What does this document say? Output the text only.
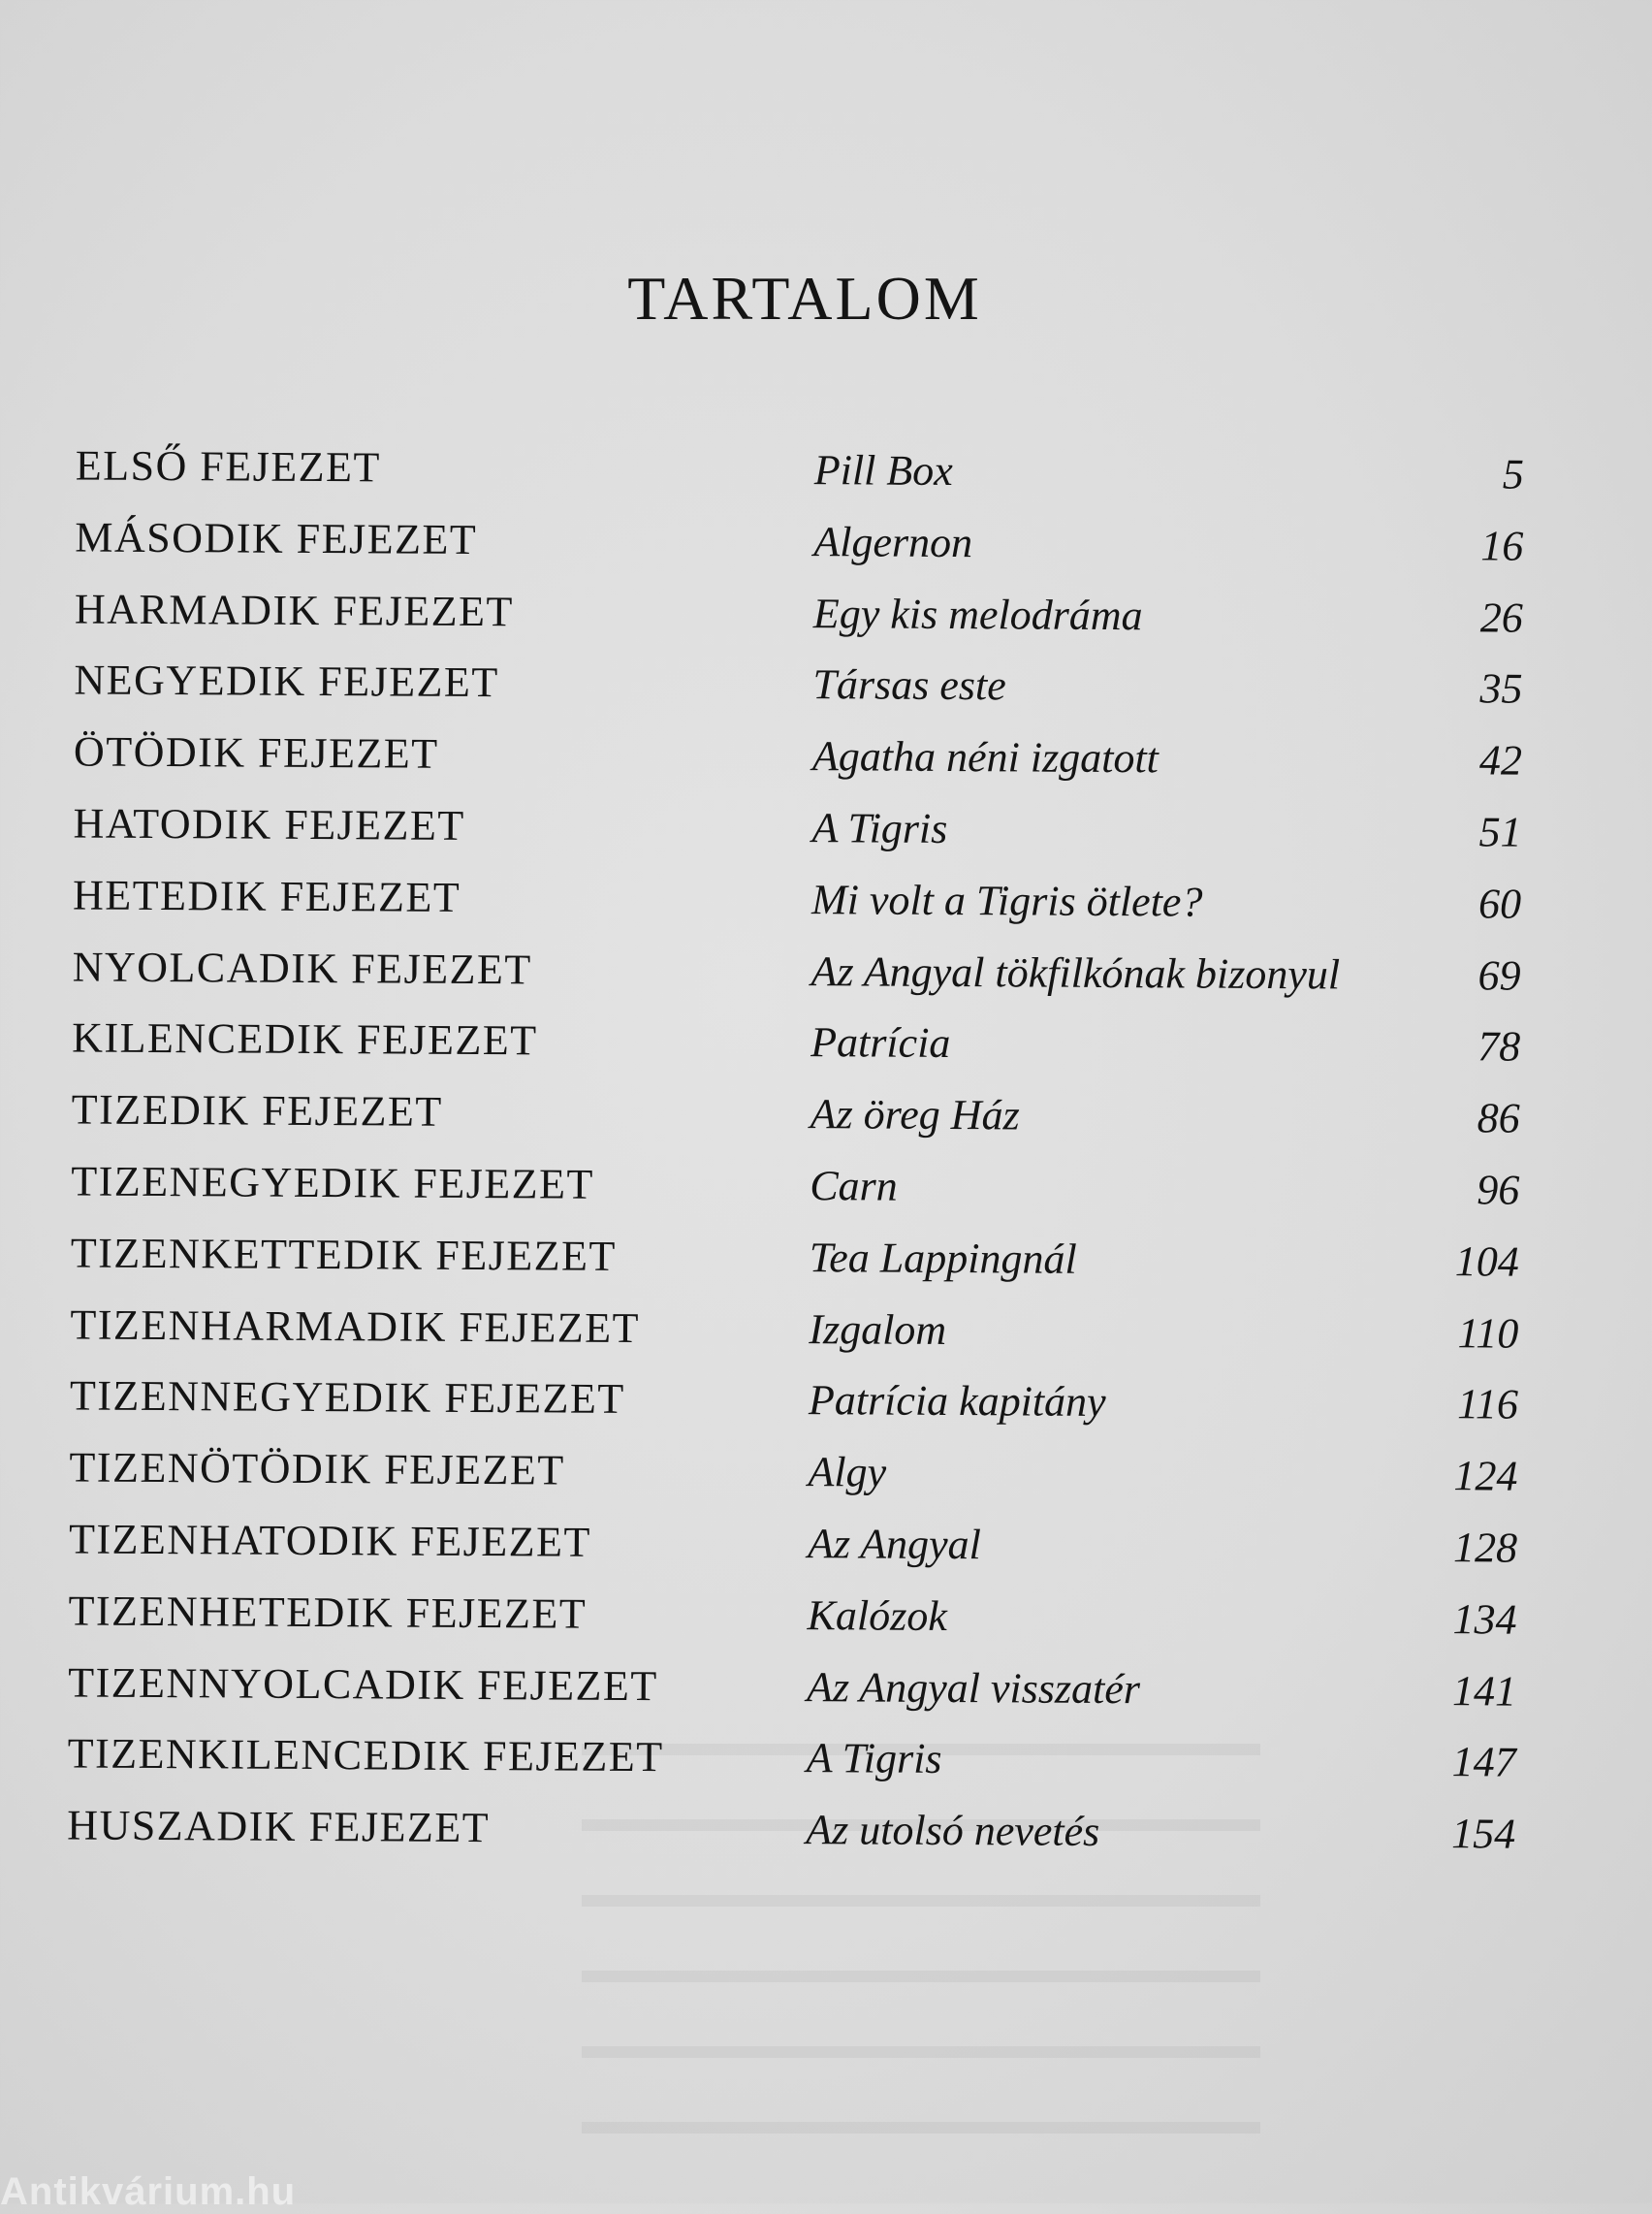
TARTALOM
ELSŐ FEJEZET	Pill Box	5
MÁSODIK FEJEZET	Algernon	16
HARMADIK FEJEZET	Egy kis melodráma	26
NEGYEDIK FEJEZET	Társas este	35
ÖTÖDIK FEJEZET	Agatha néni izgatott	42
HATODIK FEJEZET	A Tigris	51
HETEDIK FEJEZET	Mi volt a Tigris ötlete?	60
NYOLCADIK FEJEZET	Az Angyal tökfilkónak bizonyul	69
KILENCEDIK FEJEZET	Patrícia	78
TIZEDIK FEJEZET	Az öreg Ház	86
TIZENEGYEDIK FEJEZET	Carn	96
TIZENKETTEDIK FEJEZET	Tea Lappingnál	104
TIZENHARMADIK FEJEZET	Izgalom	110
TIZENNEGYEDIK FEJEZET	Patrícia kapitány	116
TIZENÖTÖDIK FEJEZET	Algy	124
TIZENHATODIK FEJEZET	Az Angyal	128
TIZENHETEDIK FEJEZET	Kalózok	134
TIZENNYOLCADIK FEJEZET	Az Angyal visszatér	141
TIZENKILENCEDIK FEJEZET	A Tigris	147
HUSZADIK FEJEZET	Az utolsó nevetés	154
Antikvárium.hu
